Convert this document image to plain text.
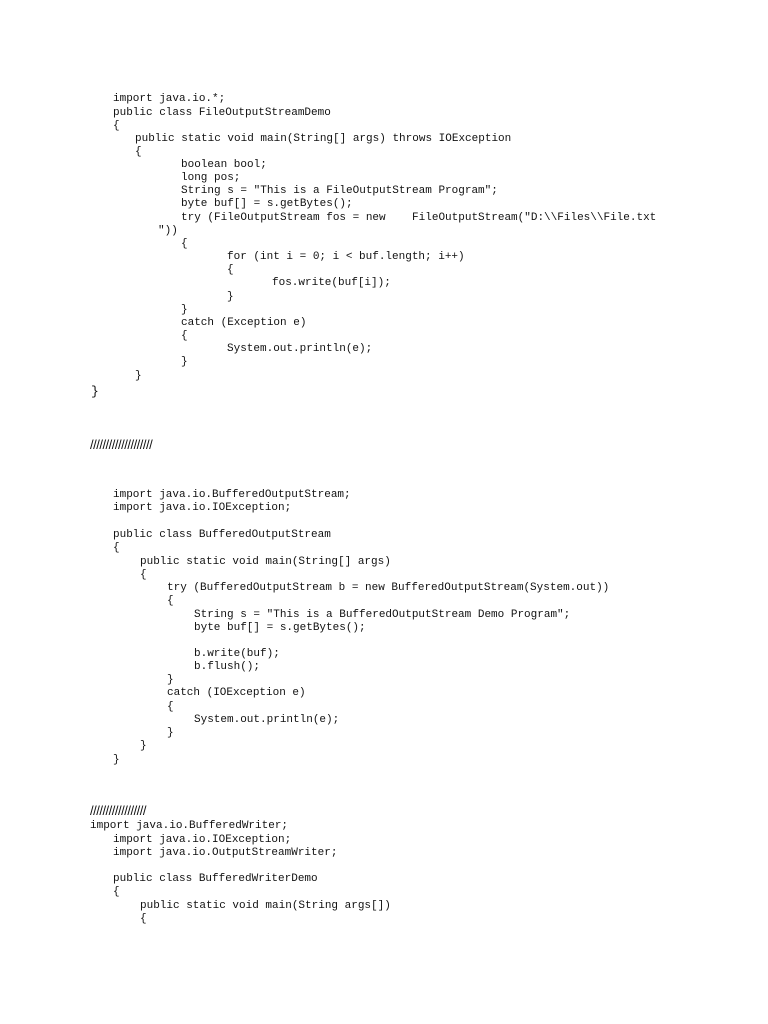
import java.io.*;
public class FileOutputStreamDemo
{
public static void main(String[] args) throws IOException
{
boolean bool;
long pos;
String s = "This is a FileOutputStream Program";
byte buf[] = s.getBytes();
try (FileOutputStream fos = new    FileOutputStream("D:\\Files\\File.txt
"))
{
for (int i = 0; i < buf.length; i++)
{
fos.write(buf[i]);
}
}
catch (Exception e)
{
System.out.println(e);
}
}
}
////////////////////
import java.io.BufferedOutputStream;
import java.io.IOException;
public class BufferedOutputStream
{
public static void main(String[] args)
{
try (BufferedOutputStream b = new BufferedOutputStream(System.out))
{
String s = "This is a BufferedOutputStream Demo Program";
byte buf[] = s.getBytes();
b.write(buf);
b.flush();
}
catch (IOException e)
{
System.out.println(e);
}
}
}
//////////////////
import java.io.BufferedWriter;
import java.io.IOException;
import java.io.OutputStreamWriter;
public class BufferedWriterDemo
{
public static void main(String args[])
{
